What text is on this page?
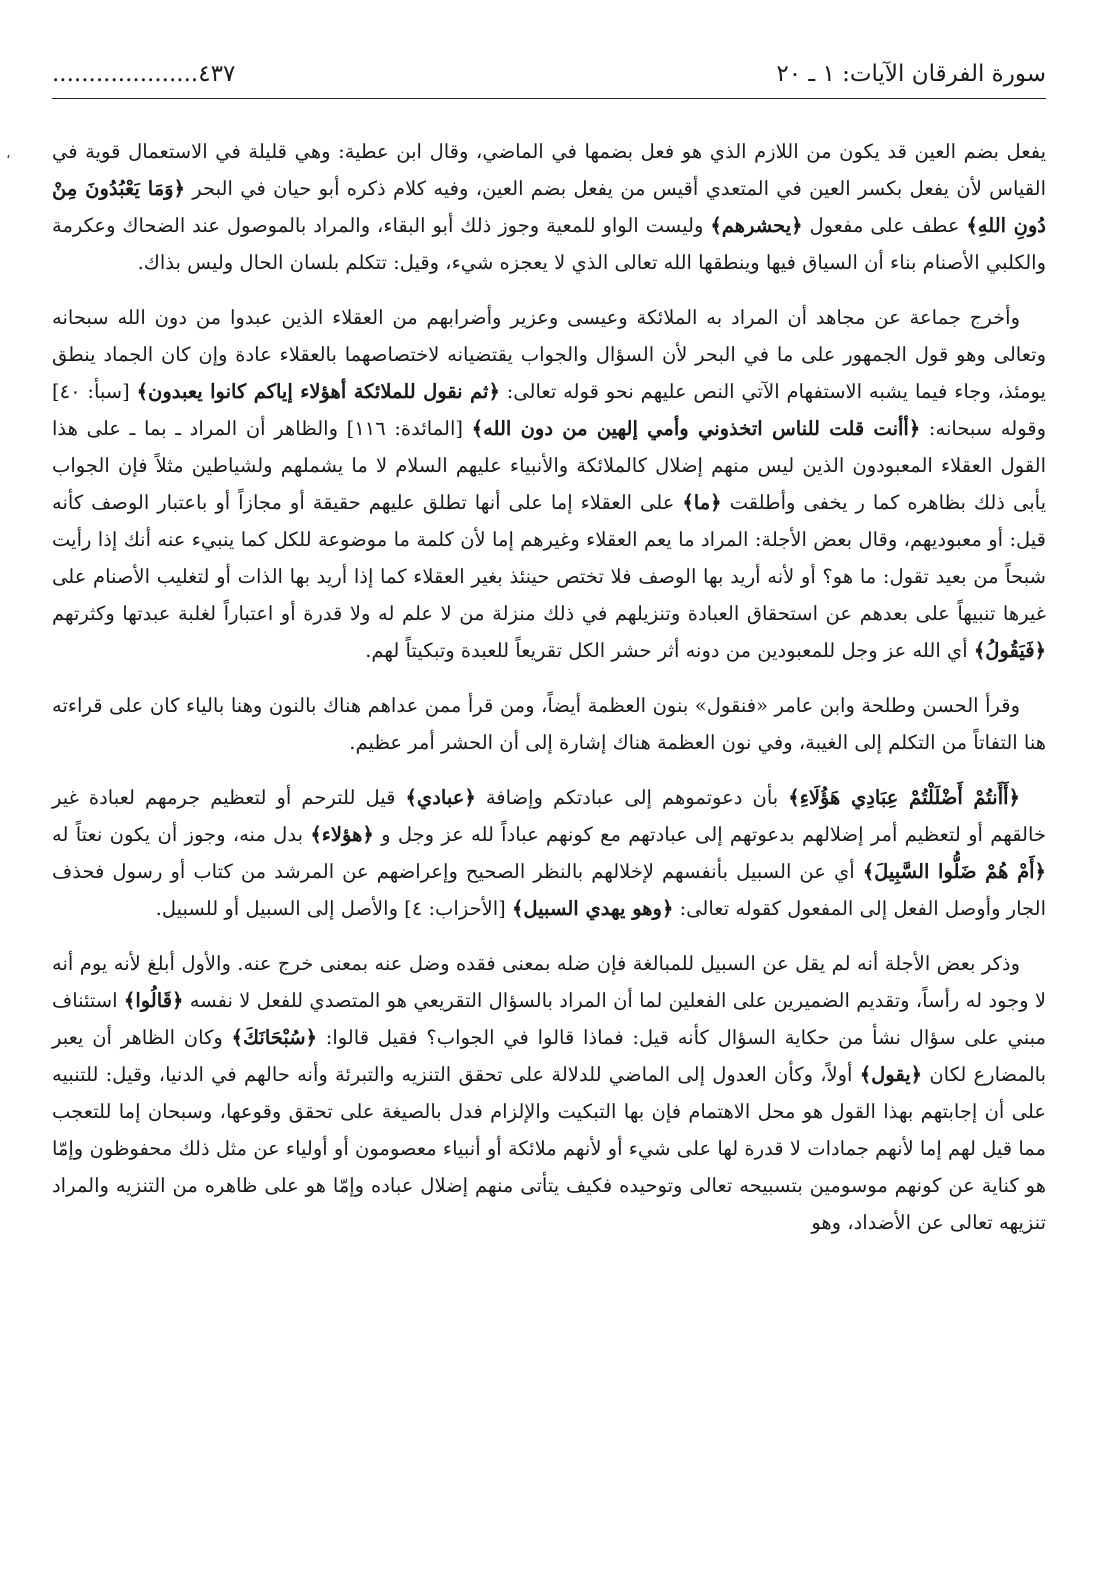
،
سورة الفرقان الآيات: ١ ـ ٢٠
....................٤٣٧

يفعل بضم العين قد يكون من اللازم الذي هو فعل بضمها في الماضي، وقال ابن عطية: وهي قليلة في الاستعمال قوية في القياس لأن يفعل بكسر العين في المتعدي أقيس من يفعل بضم العين، وفيه كلام ذكره أبو حيان في البحر ﴿وَمَا يَعْبُدُونَ مِنْ دُونِ اللهِ﴾ عطف على مفعول ﴿يحشرهم﴾ وليست الواو للمعية وجوز ذلك أبو البقاء، والمراد بالموصول عند الضحاك وعكرمة والكلبي الأصنام بناء أن السياق فيها وينطقها الله تعالى الذي لا يعجزه شيء، وقيل: تتكلم بلسان الحال وليس بذاك.

وأخرج جماعة عن مجاهد أن المراد به الملائكة وعيسى وعزير وأضرابهم من العقلاء الذين عبدوا من دون الله سبحانه وتعالى وهو قول الجمهور على ما في البحر لأن السؤال والجواب يقتضيانه لاختصاصهما بالعقلاء عادة وإن كان الجماد ينطق يومئذ، وجاء فيما يشبه الاستفهام الآتي النص عليهم نحو قوله تعالى: ﴿ثم نقول للملائكة أهؤلاء إياكم كانوا يعبدون﴾ [سبأ: ٤٠] وقوله سبحانه: ﴿أأنت قلت للناس اتخذوني وأمي إلهين من دون الله﴾ [المائدة: ١١٦] والظاهر أن المراد ـ بما ـ على هذا القول العقلاء المعبودون الذين ليس منهم إضلال كالملائكة والأنبياء عليهم السلام لا ما يشملهم ولشياطين مثلاً فإن الجواب يأبى ذلك بظاهره كما ر يخفى وأطلقت ﴿ما﴾ على العقلاء إما على أنها تطلق عليهم حقيقة أو مجازاً أو باعتبار الوصف كأنه قيل: أو معبوديهم، وقال بعض الأجلة: المراد ما يعم العقلاء وغيرهم إما لأن كلمة ما موضوعة للكل كما ينبيء عنه أنك إذا رأيت شبحاً من بعيد تقول: ما هو؟ أو لأنه أريد بها الوصف فلا تختص حينئذ بغير العقلاء كما إذا أريد بها الذات أو لتغليب الأصنام على غيرها تنبيهاً على بعدهم عن استحقاق العبادة وتنزيلهم في ذلك منزلة من لا علم له ولا قدرة أو اعتباراً لغلبة عبدتها وكثرتهم ﴿فَيَقُولُ﴾ أي الله عز وجل للمعبودين من دونه أثر حشر الكل تقريعاً للعبدة وتبكيتاً لهم.

وقرأ الحسن وطلحة وابن عامر «فنقول» بنون العظمة أيضاً، ومن قرأ ممن عداهم هناك بالنون وهنا بالياء كان على قراءته هنا التفاتاً من التكلم إلى الغيبة، وفي نون العظمة هناك إشارة إلى أن الحشر أمر عظيم.

﴿أَأَنتُمْ أَضْلَلْتُمْ عِبَادِي هَؤُلَاءِ﴾ بأن دعوتموهم إلى عبادتكم وإضافة ﴿عبادي﴾ قيل للترحم أو لتعظيم جرمهم لعبادة غير خالقهم أو لتعظيم أمر إضلالهم بدعوتهم إلى عبادتهم مع كونهم عباداً لله عز وجل و ﴿هؤلاء﴾ بدل منه، وجوز أن يكون نعتاً له ﴿أَمْ هُمْ ضَلُّوا السَّبِيلَ﴾ أي عن السبيل بأنفسهم لإخلالهم بالنظر الصحيح وإعراضهم عن المرشد من كتاب أو رسول فحذف الجار وأوصل الفعل إلى المفعول كقوله تعالى: ﴿وهو يهدي السبيل﴾ [الأحزاب: ٤] والأصل إلى السبيل أو للسبيل.

وذكر بعض الأجلة أنه لم يقل عن السبيل للمبالغة فإن ضله بمعنى فقده وضل عنه بمعنى خرج عنه. والأول أبلغ لأنه يوم أنه لا وجود له رأساً، وتقديم الضميرين على الفعلين لما أن المراد بالسؤال التقريعي هو المتصدي للفعل لا نفسه ﴿قَالُوا﴾ استئناف مبني على سؤال نشأ من حكاية السؤال كأنه قيل: فماذا قالوا في الجواب؟ فقيل قالوا: ﴿سُبْحَانَكَ﴾ وكان الظاهر أن يعبر بالمضارع لكان ﴿يقول﴾ أولاً، وكأن العدول إلى الماضي للدلالة على تحقق التنزيه والتبرئة وأنه حالهم في الدنيا، وقيل: للتنبيه على أن إجابتهم بهذا القول هو محل الاهتمام فإن بها التبكيت والإلزام فدل بالصيغة على تحقق وقوعها، وسبحان إما للتعجب مما قيل لهم إما لأنهم جمادات لا قدرة لها على شيء أو لأنهم ملائكة أو أنبياء معصومون أو أولياء عن مثل ذلك محفوظون وإمّا هو كناية عن كونهم موسومين بتسبيحه تعالى وتوحيده فكيف يتأتى منهم إضلال عباده وإمّا هو على ظاهره من التنزيه والمراد تنزيهه تعالى عن الأضداد، وهو
